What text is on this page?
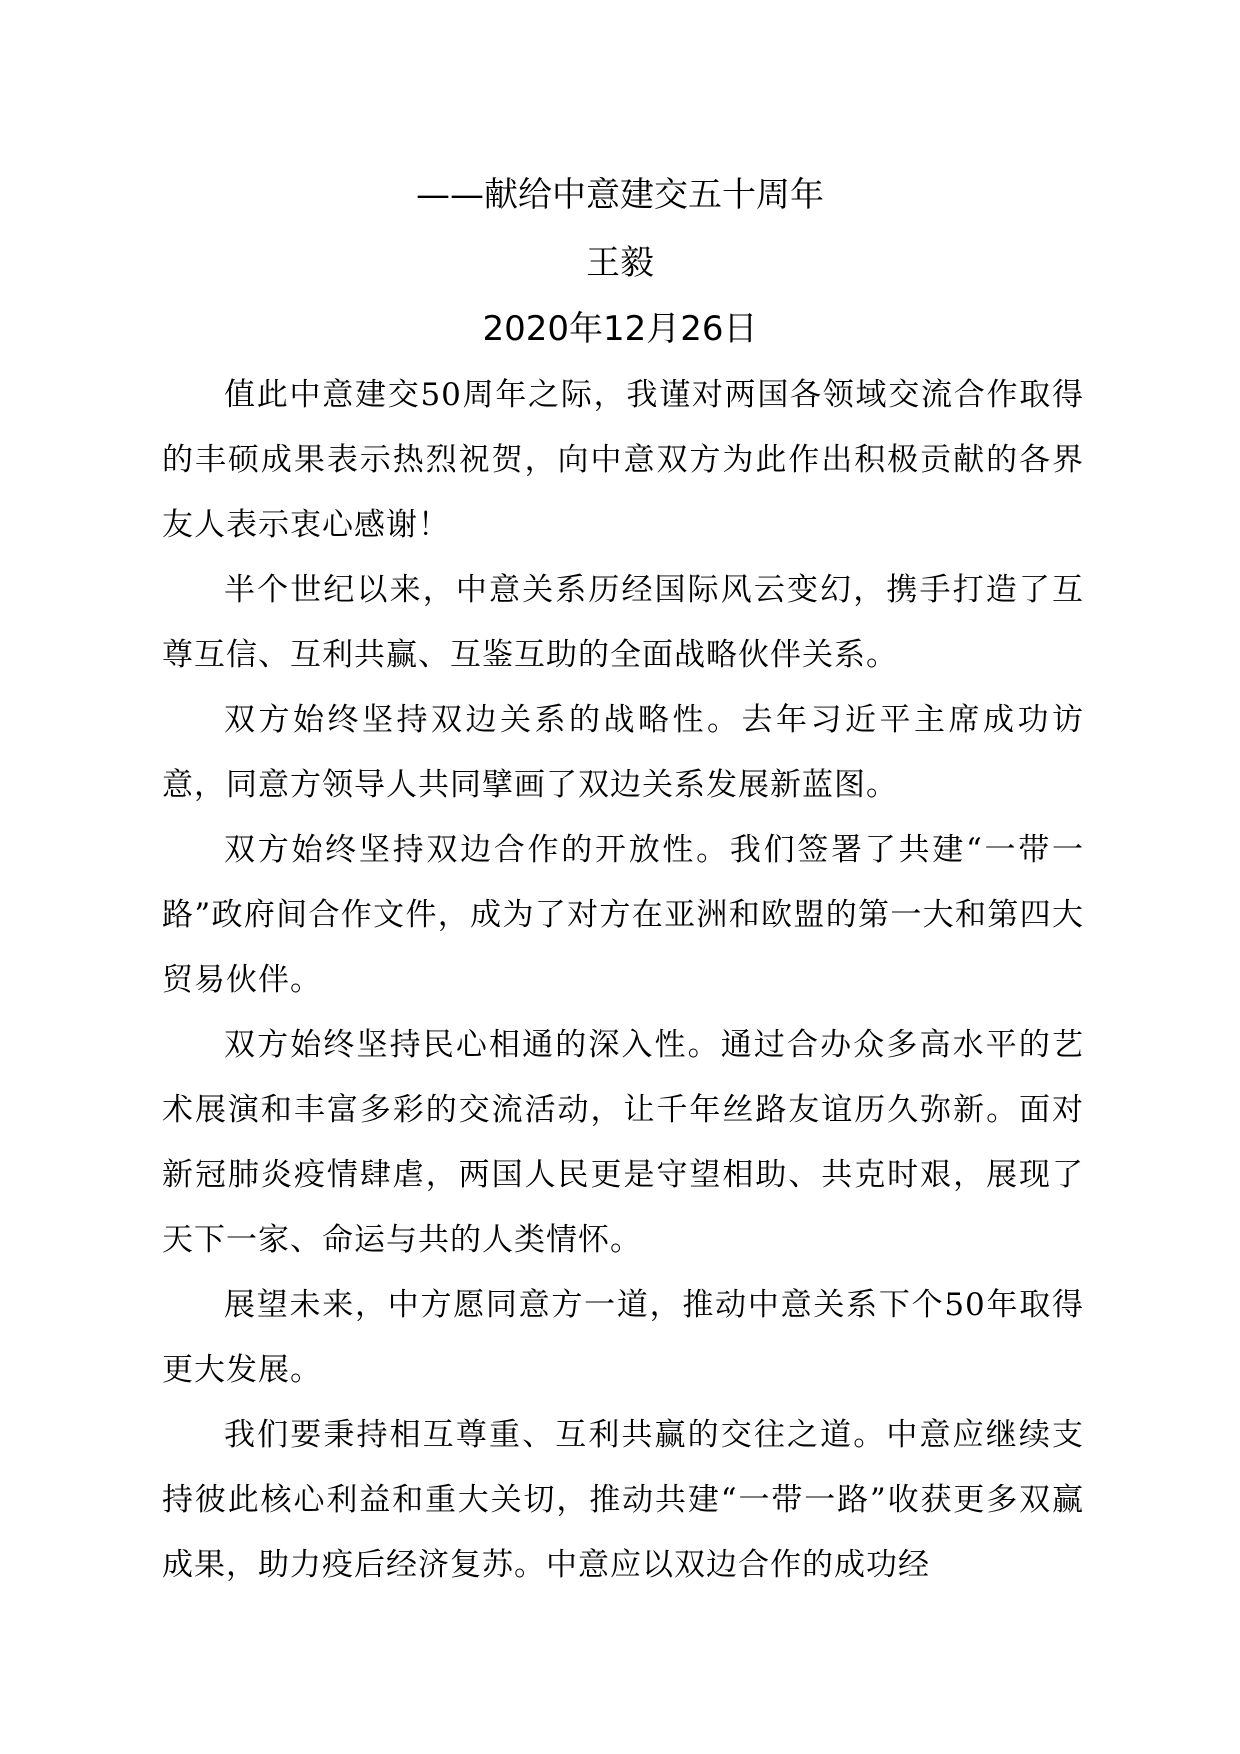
——献给中意建交五十周年
王毅
2020年12月26日

值此中意建交50周年之际，我谨对两国各领域交流合作取得的丰硕成果表示热烈祝贺，向中意双方为此作出积极贡献的各界友人表示衷心感谢！

半个世纪以来，中意关系历经国际风云变幻，携手打造了互尊互信、互利共赢、互鉴互助的全面战略伙伴关系。

双方始终坚持双边关系的战略性。去年习近平主席成功访意，同意方领导人共同擘画了双边关系发展新蓝图。

双方始终坚持双边合作的开放性。我们签署了共建“一带一路”政府间合作文件，成为了对方在亚洲和欧盟的第一大和第四大贸易伙伴。

双方始终坚持民心相通的深入性。通过合办众多高水平的艺术展演和丰富多彩的交流活动，让千年丝路友谊历久弥新。面对新冠肺炎疫情肆虐，两国人民更是守望相助、共克时艰，展现了天下一家、命运与共的人类情怀。

展望未来，中方愿同意方一道，推动中意关系下个50年取得更大发展。

我们要秉持相互尊重、互利共赢的交往之道。中意应继续支持彼此核心利益和重大关切，推动共建“一带一路”收获更多双赢成果，助力疫后经济复苏。中意应以双边合作的成功经
